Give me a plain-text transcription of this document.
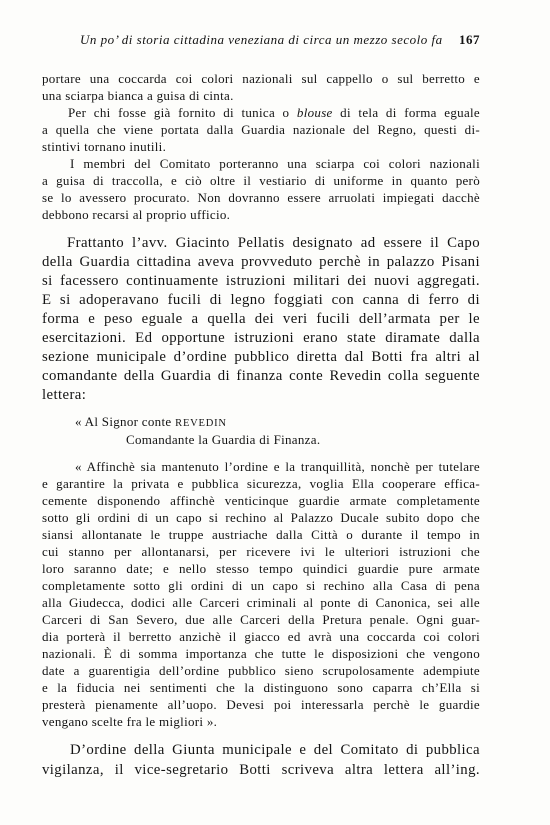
Un po’ di storia cittadina veneziana di circa un mezzo secolo fa 167
portare una coccarda coi colori nazionali sul cappello o sul berretto e
una sciarpa bianca a guisa di cinta.
Per chi fosse già fornito di tunica o blouse di tela di forma eguale
a quella che viene portata dalla Guardia nazionale del Regno, questi di-
stintivi tornano inutili.
I membri del Comitato porteranno una sciarpa coi colori nazionali
a guisa di traccolla, e ciò oltre il vestiario di uniforme in quanto però
se lo avessero procurato. Non dovranno essere arruolati impiegati dacchè
debbono recarsi al proprio ufficio.
Frattanto l’avv. Giacinto Pellatis designato ad essere il Capo
della Guardia cittadina aveva provveduto perchè in palazzo Pisani
si facessero continuamente istruzioni militari dei nuovi aggregati.
E si adoperavano fucili di legno foggiati con canna di ferro di
forma e peso eguale a quella dei veri fucili dell’armata per le
esercitazioni. Ed opportune istruzioni erano state diramate dalla
sezione municipale d’ordine pubblico diretta dal Botti fra altri al
comandante della Guardia di finanza conte Revedin colla seguente
lettera:
« Al Signor conte REVEDIN
Comandante la Guardia di Finanza.
« Affinchè sia mantenuto l’ordine e la tranquillità, nonchè per tutelare
e garantire la privata e pubblica sicurezza, voglia Ella cooperare effica-
cemente disponendo affinchè venticinque guardie armate completamente
sotto gli ordini di un capo si rechino al Palazzo Ducale subito dopo che
siansi allontanate le truppe austriache dalla Città o durante il tempo in
cui stanno per allontanarsi, per ricevere ivi le ulteriori istruzioni che
loro saranno date; e nello stesso tempo quindici guardie pure armate
completamente sotto gli ordini di un capo si rechino alla Casa di pena
alla Giudecca, dodici alle Carceri criminali al ponte di Canonica, sei alle
Carceri di San Severo, due alle Carceri della Pretura penale. Ogni guar-
dia porterà il berretto anzichè il giacco ed avrà una coccarda coi colori
nazionali. È di somma importanza che tutte le disposizioni che vengono
date a guarentigia dell’ordine pubblico sieno scrupolosamente adempiute
e la fiducia nei sentimenti che la distinguono sono caparra ch’Ella si
presterà pienamente all’uopo. Devesi poi interessarla perchè le guardie
vengano scelte fra le migliori ».
D’ordine della Giunta municipale e del Comitato di pubblica
vigilanza, il vice-segretario Botti scriveva altra lettera all’ing.
